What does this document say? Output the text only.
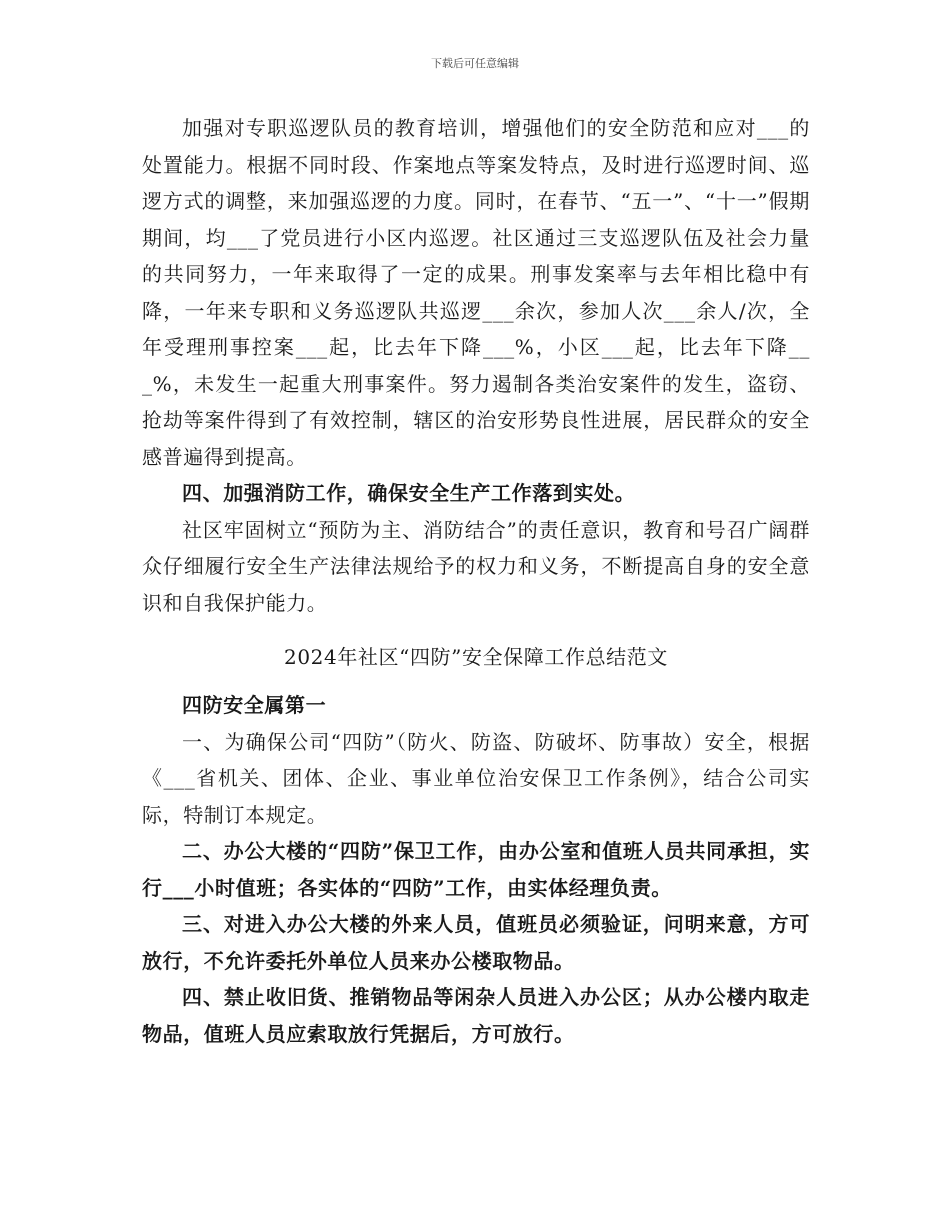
下载后可任意编辑

加强对专职巡逻队员的教育培训，增强他们的安全防范和应对___的处置能力。根据不同时段、作案地点等案发特点，及时进行巡逻时间、巡逻方式的调整，来加强巡逻的力度。同时，在春节、“五一”、“十一”假期期间，均___了党员进行小区内巡逻。社区通过三支巡逻队伍及社会力量的共同努力，一年来取得了一定的成果。刑事发案率与去年相比稳中有降，一年来专职和义务巡逻队共巡逻___余次，参加人次___余人/次，全年受理刑事控案___起，比去年下降___%，小区___起，比去年下降___%，未发生一起重大刑事案件。努力遏制各类治安案件的发生，盗窃、抢劫等案件得到了有效控制，辖区的治安形势良性进展，居民群众的安全感普遍得到提高。

四、加强消防工作，确保安全生产工作落到实处。

社区牢固树立“预防为主、消防结合”的责任意识，教育和号召广阔群众仔细履行安全生产法律法规给予的权力和义务，不断提高自身的安全意识和自我保护能力。

2024年社区“四防”安全保障工作总结范文

四防安全属第一

一、为确保公司“四防”（防火、防盗、防破坏、防事故）安全，根据《___省机关、团体、企业、事业单位治安保卫工作条例》，结合公司实际，特制订本规定。

二、办公大楼的“四防”保卫工作，由办公室和值班人员共同承担，实行___小时值班；各实体的“四防”工作，由实体经理负责。

三、对进入办公大楼的外来人员，值班员必须验证，问明来意，方可放行，不允许委托外单位人员来办公楼取物品。

四、禁止收旧货、推销物品等闲杂人员进入办公区；从办公楼内取走物品，值班人员应索取放行凭据后，方可放行。
